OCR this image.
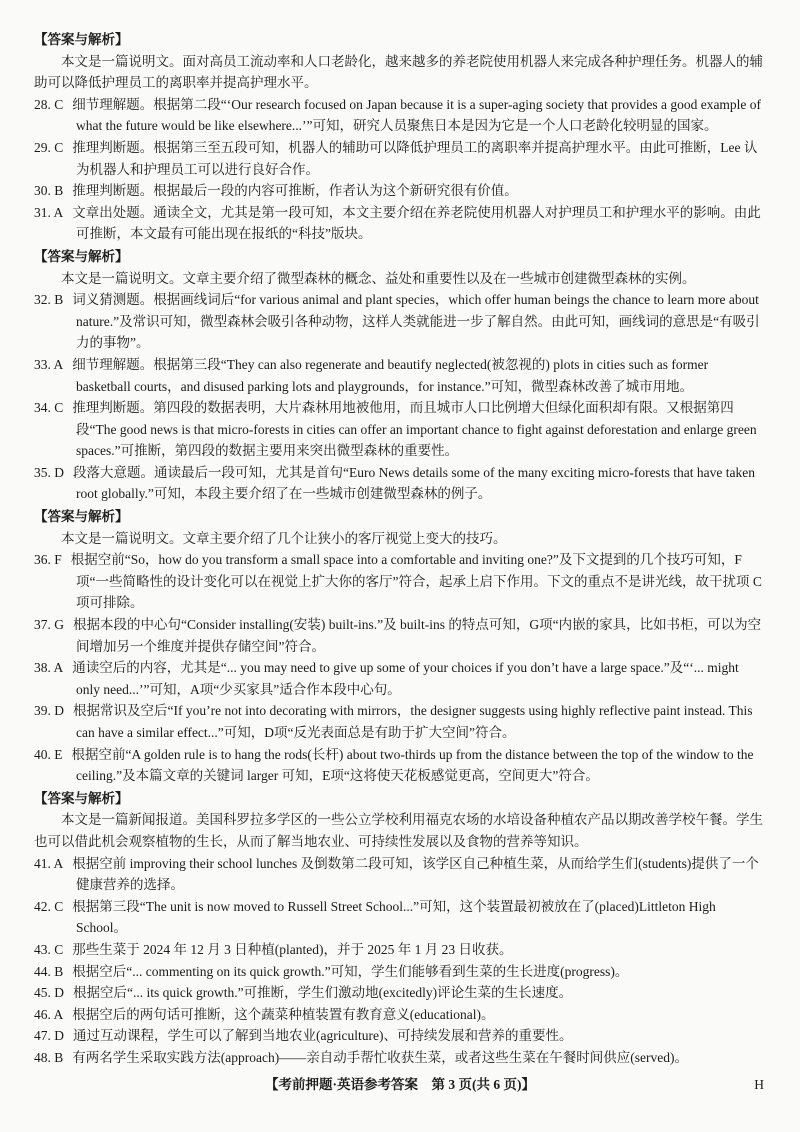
【答案与解析】

本文是一篇说明文。面对高员工流动率和人口老龄化，越来越多的养老院使用机器人来完成各种护理任务。机器人的辅助可以降低护理员工的离职率并提高护理水平。

28. C 细节理解题。根据第二段“‘Our research focused on Japan because it is a super-aging society that provides a good example of what the future would be like elsewhere...’”可知，研究人员聚焦日本是因为它是一个人口老龄化较明显的国家。
29. C 推理判断题。根据第三至五段可知，机器人的辅助可以降低护理员工的离职率并提高护理水平。由此可推断，Lee 认为机器人和护理员工可以进行良好合作。
30. B 推理判断题。根据最后一段的内容可推断，作者认为这个新研究很有价值。
31. A 文章出处题。通读全文，尤其是第一段可知，本文主要介绍在养老院使用机器人对护理员工和护理水平的影响。由此可推断，本文最有可能出现在报纸的“科技”版块。
【答案与解析】

本文是一篇说明文。文章主要介绍了微型森林的概念、益处和重要性以及在一些城市创建微型森林的实例。

32. B 词义猜测题。根据画线词后“for various animal and plant species，which offer human beings the chance to learn more about nature.”及常识可知，微型森林会吸引各种动物，这样人类就能进一步了解自然。由此可知，画线词的意思是“有吸引力的事物”。
33. A 细节理解题。根据第三段“They can also regenerate and beautify neglected(被忽视的) plots in cities such as former basketball courts，and disused parking lots and playgrounds，for instance.”可知，微型森林改善了城市用地。
34. C 推理判断题。第四段的数据表明，大片森林用地被他用，而且城市人口比例增大但绿化面积却有限。又根据第四段“The good news is that micro-forests in cities can offer an important chance to fight against deforestation and enlarge green spaces.”可推断，第四段的数据主要用来突出微型森林的重要性。
35. D 段落大意题。通读最后一段可知，尤其是首句“Euro News details some of the many exciting micro-forests that have taken root globally.”可知，本段主要介绍了在一些城市创建微型森林的例子。
【答案与解析】

本文是一篇说明文。文章主要介绍了几个让狭小的客厅视觉上变大的技巧。

36. F 根据空前“So，how do you transform a small space into a comfortable and inviting one?”及下文提到的几个技巧可知，F项“一些简略性的设计变化可以在视觉上扩大你的客厅”符合，起承上启下作用。下文的重点不是讲光线，故干扰项 C 项可排除。
37. G 根据本段的中心句“Consider installing(安装) built-ins.”及 built-ins 的特点可知，G项“内嵌的家具，比如书柜，可以为空间增加另一个维度并提供存储空间”符合。
38. A 通读空后的内容，尤其是“... you may need to give up some of your choices if you don’t have a large space.”及“‘... might only need...’”可知，A项“少买家具”适合作本段中心句。
39. D 根据常识及空后“If you’re not into decorating with mirrors，the designer suggests using highly reflective paint instead. This can have a similar effect...”可知，D项“反光表面总是有助于扩大空间”符合。
40. E 根据空前“A golden rule is to hang the rods(长杆) about two-thirds up from the distance between the top of the window to the ceiling.”及本篇文章的关键词 larger 可知，E项“这将使天花板感觉更高，空间更大”符合。
【答案与解析】

本文是一篇新闻报道。美国科罗拉多学区的一些公立学校利用福克农场的水培设备种植农产品以期改善学校午餐。学生也可以借此机会观察植物的生长，从而了解当地农业、可持续性发展以及食物的营养等知识。

41. A 根据空前 improving their school lunches 及倒数第二段可知，该学区自己种植生菜，从而给学生们(students)提供了一个健康营养的选择。
42. C 根据第三段“The unit is now moved to Russell Street School...”可知，这个装置最初被放在了(placed)Littleton High School。
43. C 那些生菜于 2024 年 12 月 3 日种植(planted)，并于 2025 年 1 月 23 日收获。
44. B 根据空后“... commenting on its quick growth.”可知，学生们能够看到生菜的生长进度(progress)。
45. D 根据空后“... its quick growth.”可推断，学生们激动地(excitedly)评论生菜的生长速度。
46. A 根据空后的两句话可推断，这个蔬菜种植装置有教育意义(educational)。
47. D 通过互动课程，学生可以了解到当地农业(agriculture)、可持续发展和营养的重要性。
48. B 有两名学生采取实践方法(approach)——亲自动手帮忙收获生菜，或者这些生菜在午餐时间供应(served)。
【考前押题·英语参考答案　第 3 页(共 6 页)】	H
